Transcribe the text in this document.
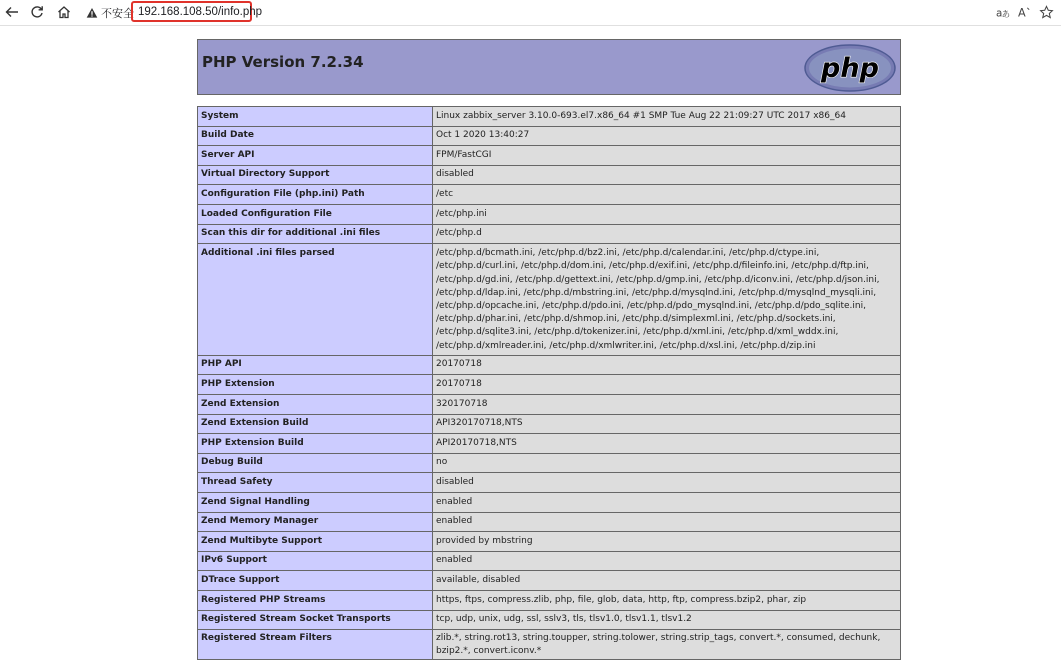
不安全 192.168.108.50/info.php	a あ A
PHP Version 7.2.34	php
System	Linux zabbix_server 3.10.0-693.el7.x86_64 #1 SMP Tue Aug 22 21:09:27 UTC 2017 x86_64
Build Date	Oct 1 2020 13:40:27
Server API	FPM/FastCGI
Virtual Directory Support	disabled
Configuration File (php.ini) Path	/etc
Loaded Configuration File	/etc/php.ini
Scan this dir for additional .ini files	/etc/php.d
Additional .ini files parsed	/etc/php.d/bcmath.ini, /etc/php.d/bz2.ini, /etc/php.d/calendar.ini, /etc/php.d/ctype.ini, /etc/php.d/curl.ini, /etc/php.d/dom.ini, /etc/php.d/exif.ini, /etc/php.d/fileinfo.ini, /etc/php.d/ftp.ini, /etc/php.d/gd.ini, /etc/php.d/gettext.ini, /etc/php.d/gmp.ini, /etc/php.d/iconv.ini, /etc/php.d/json.ini, /etc/php.d/ldap.ini, /etc/php.d/mbstring.ini, /etc/php.d/mysqlnd.ini, /etc/php.d/mysqlnd_mysqli.ini, /etc/php.d/opcache.ini, /etc/php.d/pdo.ini, /etc/php.d/pdo_mysqlnd.ini, /etc/php.d/pdo_sqlite.ini, /etc/php.d/phar.ini, /etc/php.d/shmop.ini, /etc/php.d/simplexml.ini, /etc/php.d/sockets.ini, /etc/php.d/sqlite3.ini, /etc/php.d/tokenizer.ini, /etc/php.d/xml.ini, /etc/php.d/xml_wddx.ini, /etc/php.d/xmlreader.ini, /etc/php.d/xmlwriter.ini, /etc/php.d/xsl.ini, /etc/php.d/zip.ini
PHP API	20170718
PHP Extension	20170718
Zend Extension	320170718
Zend Extension Build	API320170718,NTS
PHP Extension Build	API20170718,NTS
Debug Build	no
Thread Safety	disabled
Zend Signal Handling	enabled
Zend Memory Manager	enabled
Zend Multibyte Support	provided by mbstring
IPv6 Support	enabled
DTrace Support	available, disabled
Registered PHP Streams	https, ftps, compress.zlib, php, file, glob, data, http, ftp, compress.bzip2, phar, zip
Registered Stream Socket Transports	tcp, udp, unix, udg, ssl, sslv3, tls, tlsv1.0, tlsv1.1, tlsv1.2
Registered Stream Filters	zlib.*, string.rot13, string.toupper, string.tolower, string.strip_tags, convert.*, consumed, dechunk, bzip2.*, convert.iconv.*
